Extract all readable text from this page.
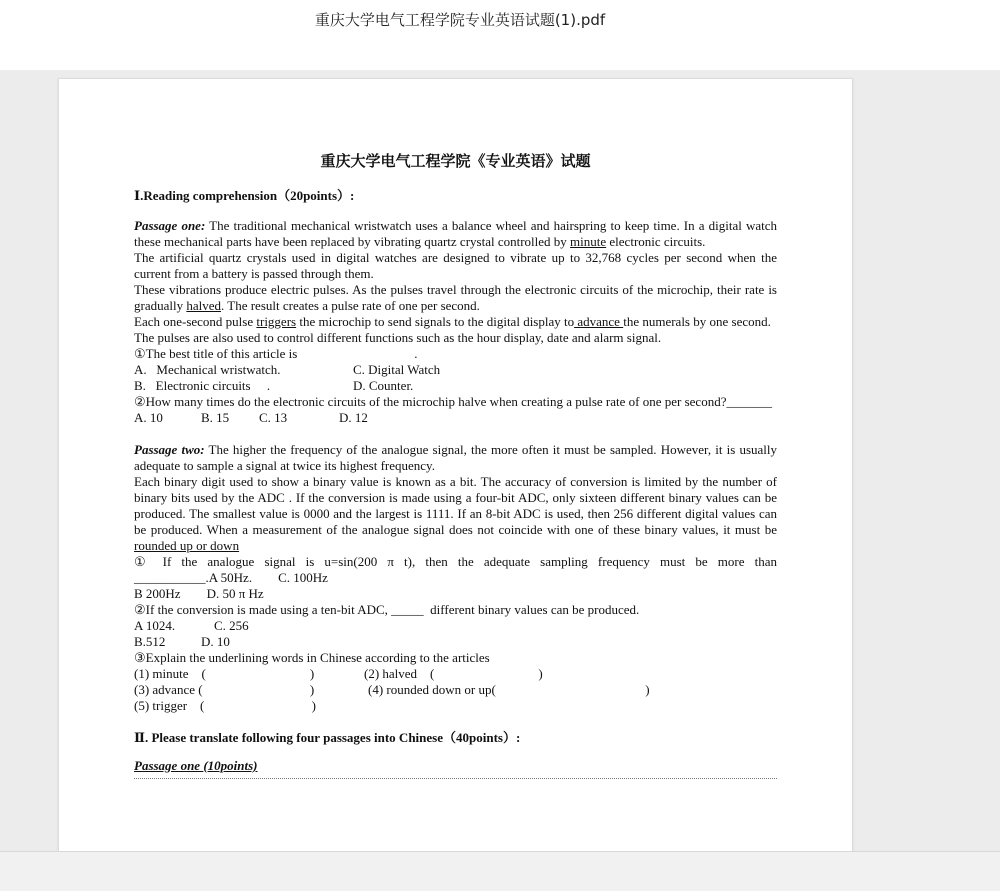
重庆大学电气工程学院专业英语试题(1).pdf

重庆大学电气工程学院《专业英语》试题

Ⅰ.Reading comprehension（20points）:

Passage one: The traditional mechanical wristwatch uses a balance wheel and hairspring to keep time. In a digital watch these mechanical parts have been replaced by vibrating quartz crystal controlled by minute electronic circuits.

The artificial quartz crystals used in digital watches are designed to vibrate up to 32,768 cycles per second when the current from a battery is passed through them.

These vibrations produce electric pulses. As the pulses travel through the electronic circuits of the microchip, their rate is gradually halved. The result creates a pulse rate of one per second.

Each one-second pulse triggers the microchip to send signals to the digital display to advance the numerals by one second.

The pulses are also used to control different functions such as the hour display, date and alarm signal.

①The best title of this article is                                    .

A.   Mechanical wristwatch.	C. Digital Watch
B.   Electronic circuits     .	D. Counter.

②How many times do the electronic circuits of the microchip halve when creating a pulse rate of one per second?_______

A. 10	B. 15	C. 13	D. 12

Passage two: The higher the frequency of the analogue signal, the more often it must be sampled. However, it is usually adequate to sample a signal at twice its highest frequency.

Each binary digit used to show a binary value is known as a bit. The accuracy of conversion is limited by the number of binary bits used by the ADC . If the conversion is made using a four-bit ADC, only sixteen different binary values can be produced. The smallest value is 0000 and the largest is 1111. If an 8-bit ADC is used, then 256 different digital values can be produced. When a measurement of the analogue signal does not coincide with one of these binary values, it must be rounded up or down

① If the analogue signal is u=sin(200 π t), then the adequate sampling frequency must be more than ___________.A 50Hz.        C. 100Hz

B 200Hz        D. 50 π Hz

②If the conversion is made using a ten-bit ADC, _____  different binary values can be produced.

A 1024.	C. 256
B.512	D. 10

③Explain the underlining words in Chinese according to the articles

(1) minute    (                                )	(2) halved    (                                )
(3) advance (                                 )	(4) rounded down or up(                                              )

(5) trigger    (                                 )

Ⅱ. Please translate following four passages into Chinese（40points）:

Passage one (10points)
